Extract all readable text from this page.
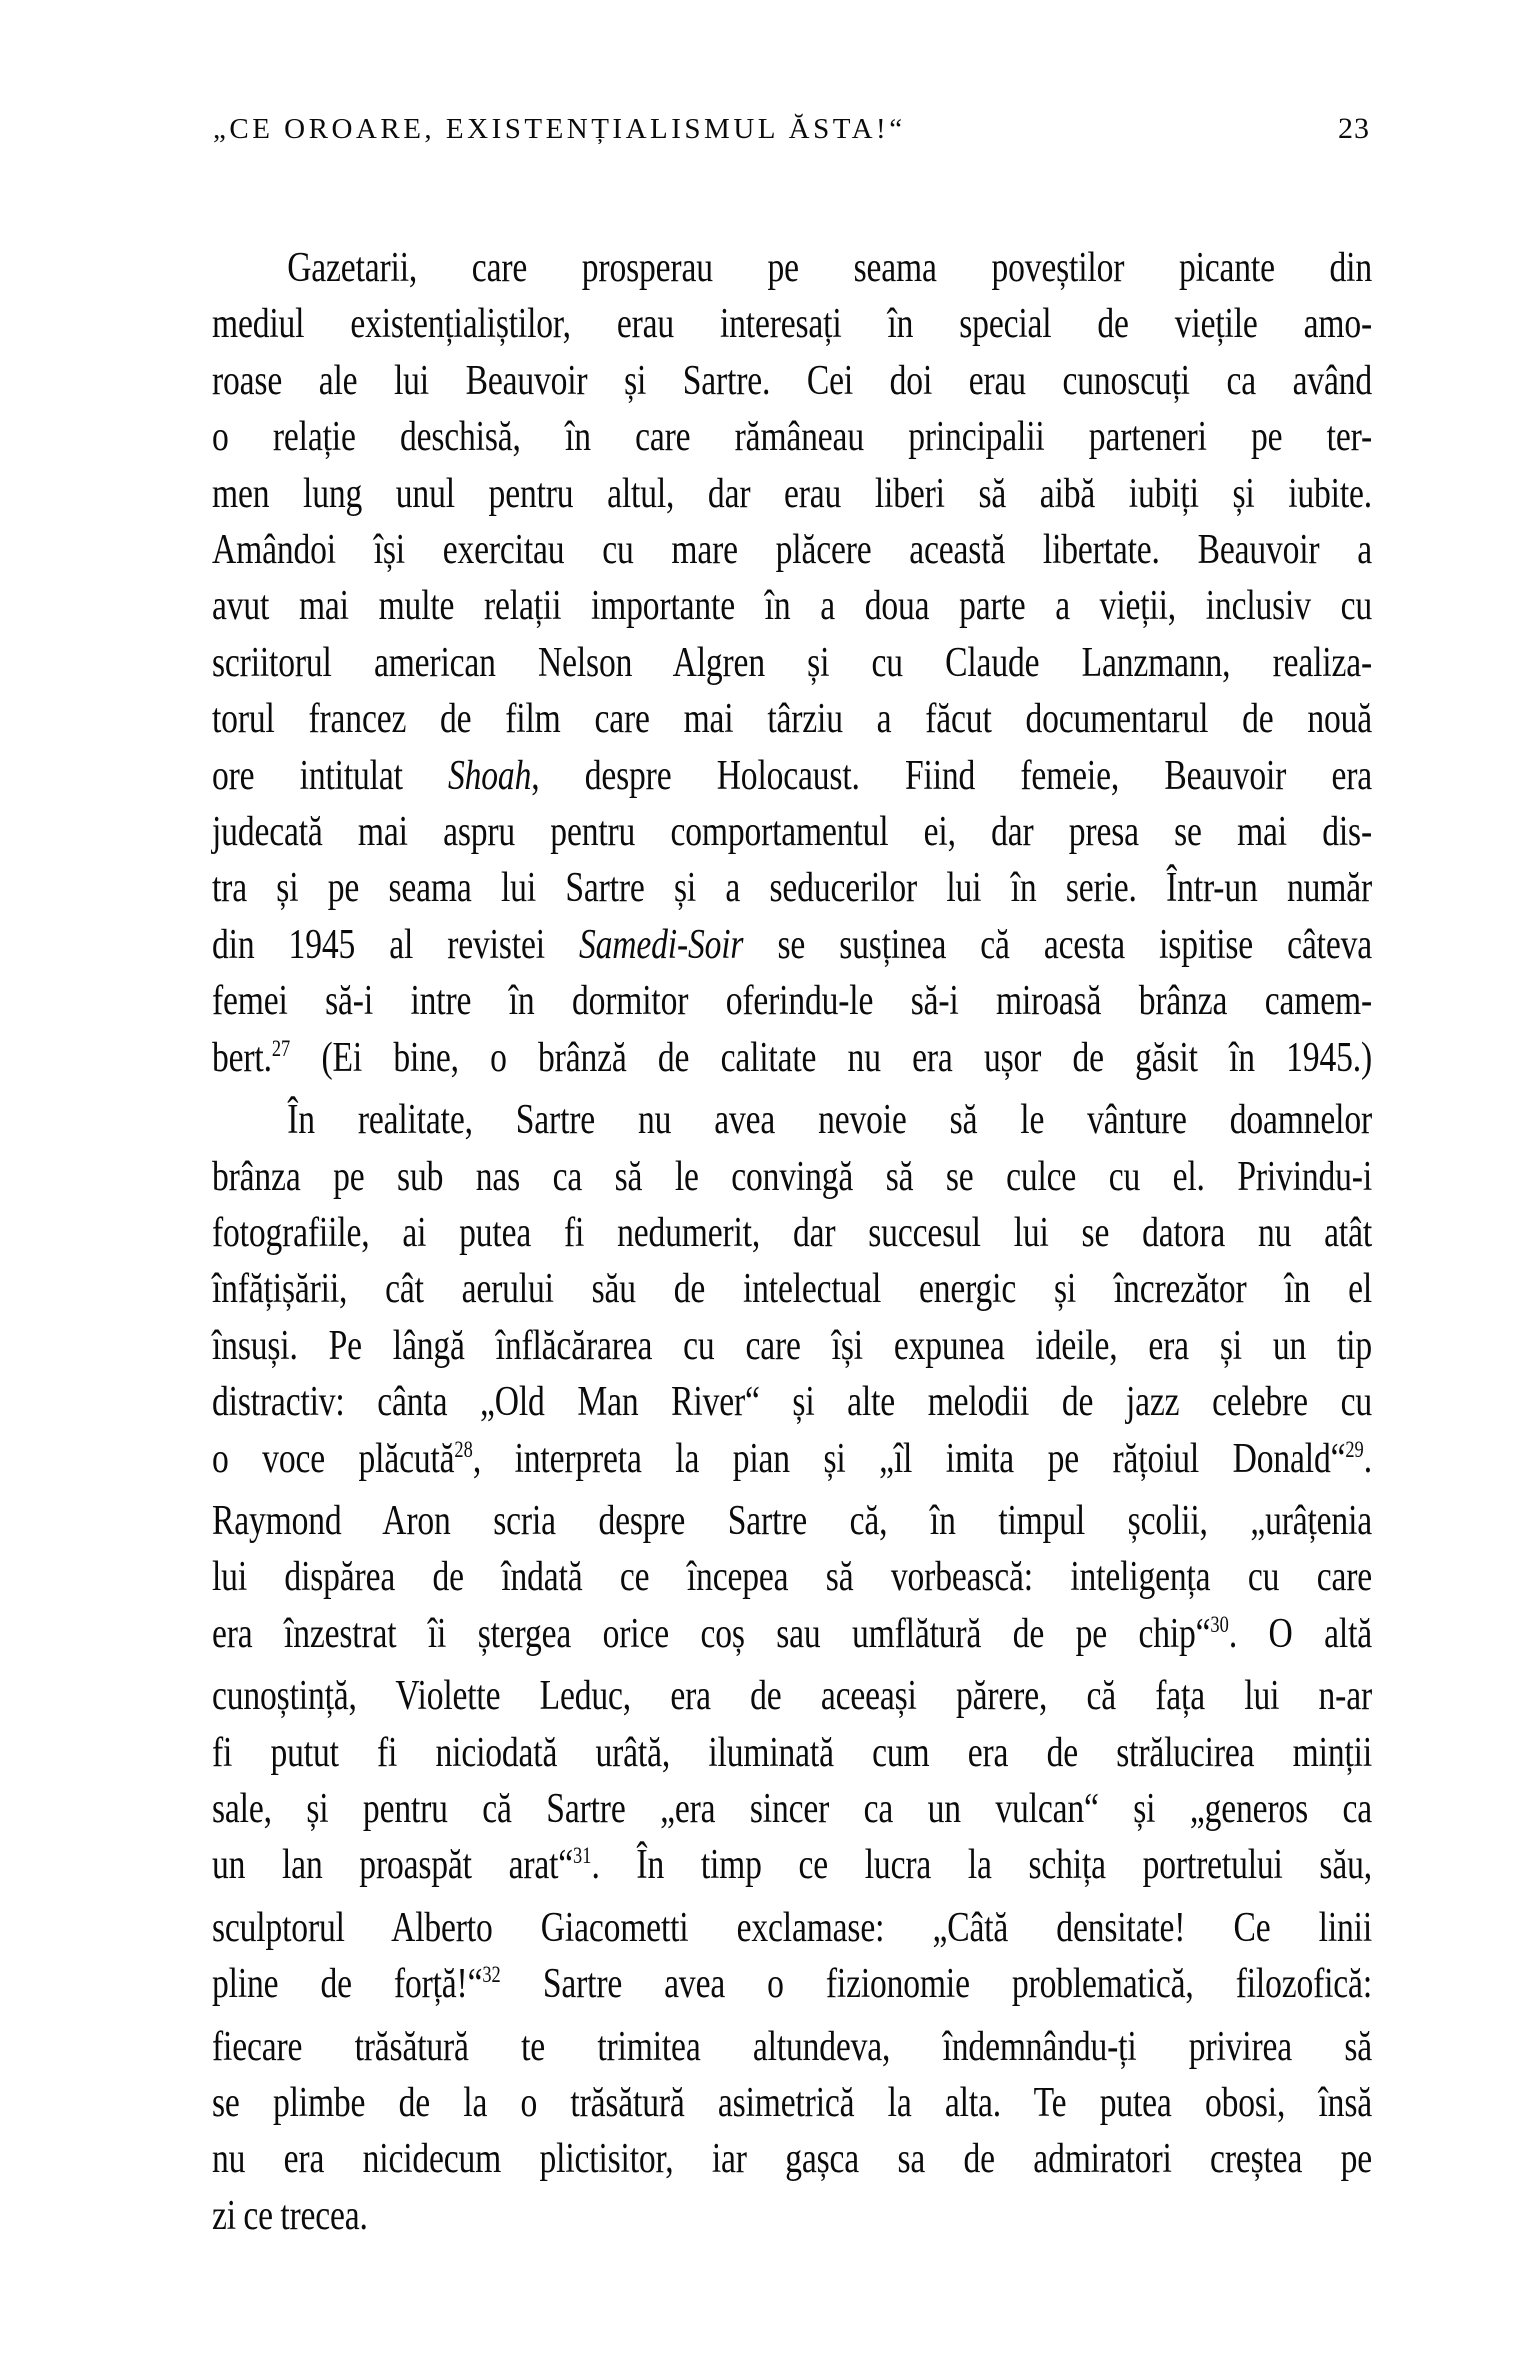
„CE OROARE, EXISTENȚIALISMUL ĂSTA!“	23
Gazetarii, care prosperau pe seama poveștilor picante din
mediul existențialiștilor, erau interesați în special de viețile amo-
roase ale lui Beauvoir și Sartre. Cei doi erau cunoscuți ca având
o relație deschisă, în care rămâneau principalii parteneri pe ter-
men lung unul pentru altul, dar erau liberi să aibă iubiți și iubite.
Amândoi își exercitau cu mare plăcere această libertate. Beauvoir a
avut mai multe relații importante în a doua parte a vieții, inclusiv cu
scriitorul american Nelson Algren și cu Claude Lanzmann, realiza-
torul francez de film care mai târziu a făcut documentarul de nouă
ore intitulat Shoah, despre Holocaust. Fiind femeie, Beauvoir era
judecată mai aspru pentru comportamentul ei, dar presa se mai dis-
tra și pe seama lui Sartre și a seducerilor lui în serie. Într-un număr
din 1945 al revistei Samedi-Soir se susținea că acesta ispitise câteva
femei să-i intre în dormitor oferindu-le să-i miroasă brânza camem-
bert.$^{27}$ (Ei bine, o brânză de calitate nu era ușor de găsit în 1945.)
În realitate, Sartre nu avea nevoie să le vânture doamnelor
brânza pe sub nas ca să le convingă să se culce cu el. Privindu-i
fotografiile, ai putea fi nedumerit, dar succesul lui se datora nu atât
înfățișării, cât aerului său de intelectual energic și încrezător în el
însuși. Pe lângă înflăcărarea cu care își expunea ideile, era și un tip
distractiv: cânta „Old Man River“ și alte melodii de jazz celebre cu
o voce plăcută$^{28}$, interpreta la pian și „îl imita pe rățoiul Donald“$^{29}$.
Raymond Aron scria despre Sartre că, în timpul școlii, „urâțenia
lui dispărea de îndată ce începea să vorbească: inteligența cu care
era înzestrat îi ștergea orice coș sau umflătură de pe chip“$^{30}$. O altă
cunoștință, Violette Leduc, era de aceeași părere, că fața lui n-ar
fi putut fi niciodată urâtă, iluminată cum era de strălucirea minții
sale, și pentru că Sartre „era sincer ca un vulcan“ și „generos ca
un lan proaspăt arat“$^{31}$. În timp ce lucra la schița portretului său,
sculptorul Alberto Giacometti exclamase: „Câtă densitate! Ce linii
pline de forță!“$^{32}$ Sartre avea o fizionomie problematică, filozofică:
fiecare trăsătură te trimitea altundeva, îndemnându-ți privirea să
se plimbe de la o trăsătură asimetrică la alta. Te putea obosi, însă
nu era nicidecum plictisitor, iar gașca sa de admiratori creștea pe
zi ce trecea.
